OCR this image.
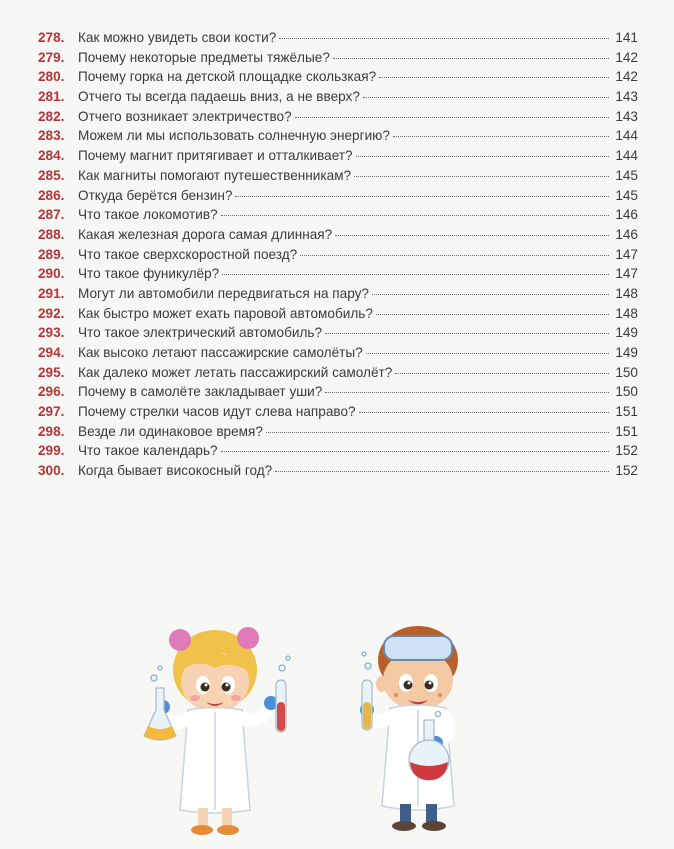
278. Как можно увидеть свои кости?	141
279. Почему некоторые предметы тяжёлые?	142
280. Почему горка на детской площадке скользкая?	142
281. Отчего ты всегда падаешь вниз, а не вверх?	143
282. Отчего возникает электричество?	143
283. Можем ли мы использовать солнечную энергию?	144
284. Почему магнит притягивает и отталкивает?	144
285. Как магниты помогают путешественникам?	145
286. Откуда берётся бензин?	145
287. Что такое локомотив?	146
288. Какая железная дорога самая длинная?	146
289. Что такое сверхскоростной поезд?	147
290. Что такое фуникулёр?	147
291. Могут ли автомобили передвигаться на пару?	148
292. Как быстро может ехать паровой автомобиль?	148
293. Что такое электрический автомобиль?	149
294. Как высоко летают пассажирские самолёты?	149
295. Как далеко может летать пассажирский самолёт?	150
296. Почему в самолёте закладывает уши?	150
297. Почему стрелки часов идут слева направо?	151
298. Везде ли одинаковое время?	151
299. Что такое календарь?	152
300. Когда бывает високосный год?	152
